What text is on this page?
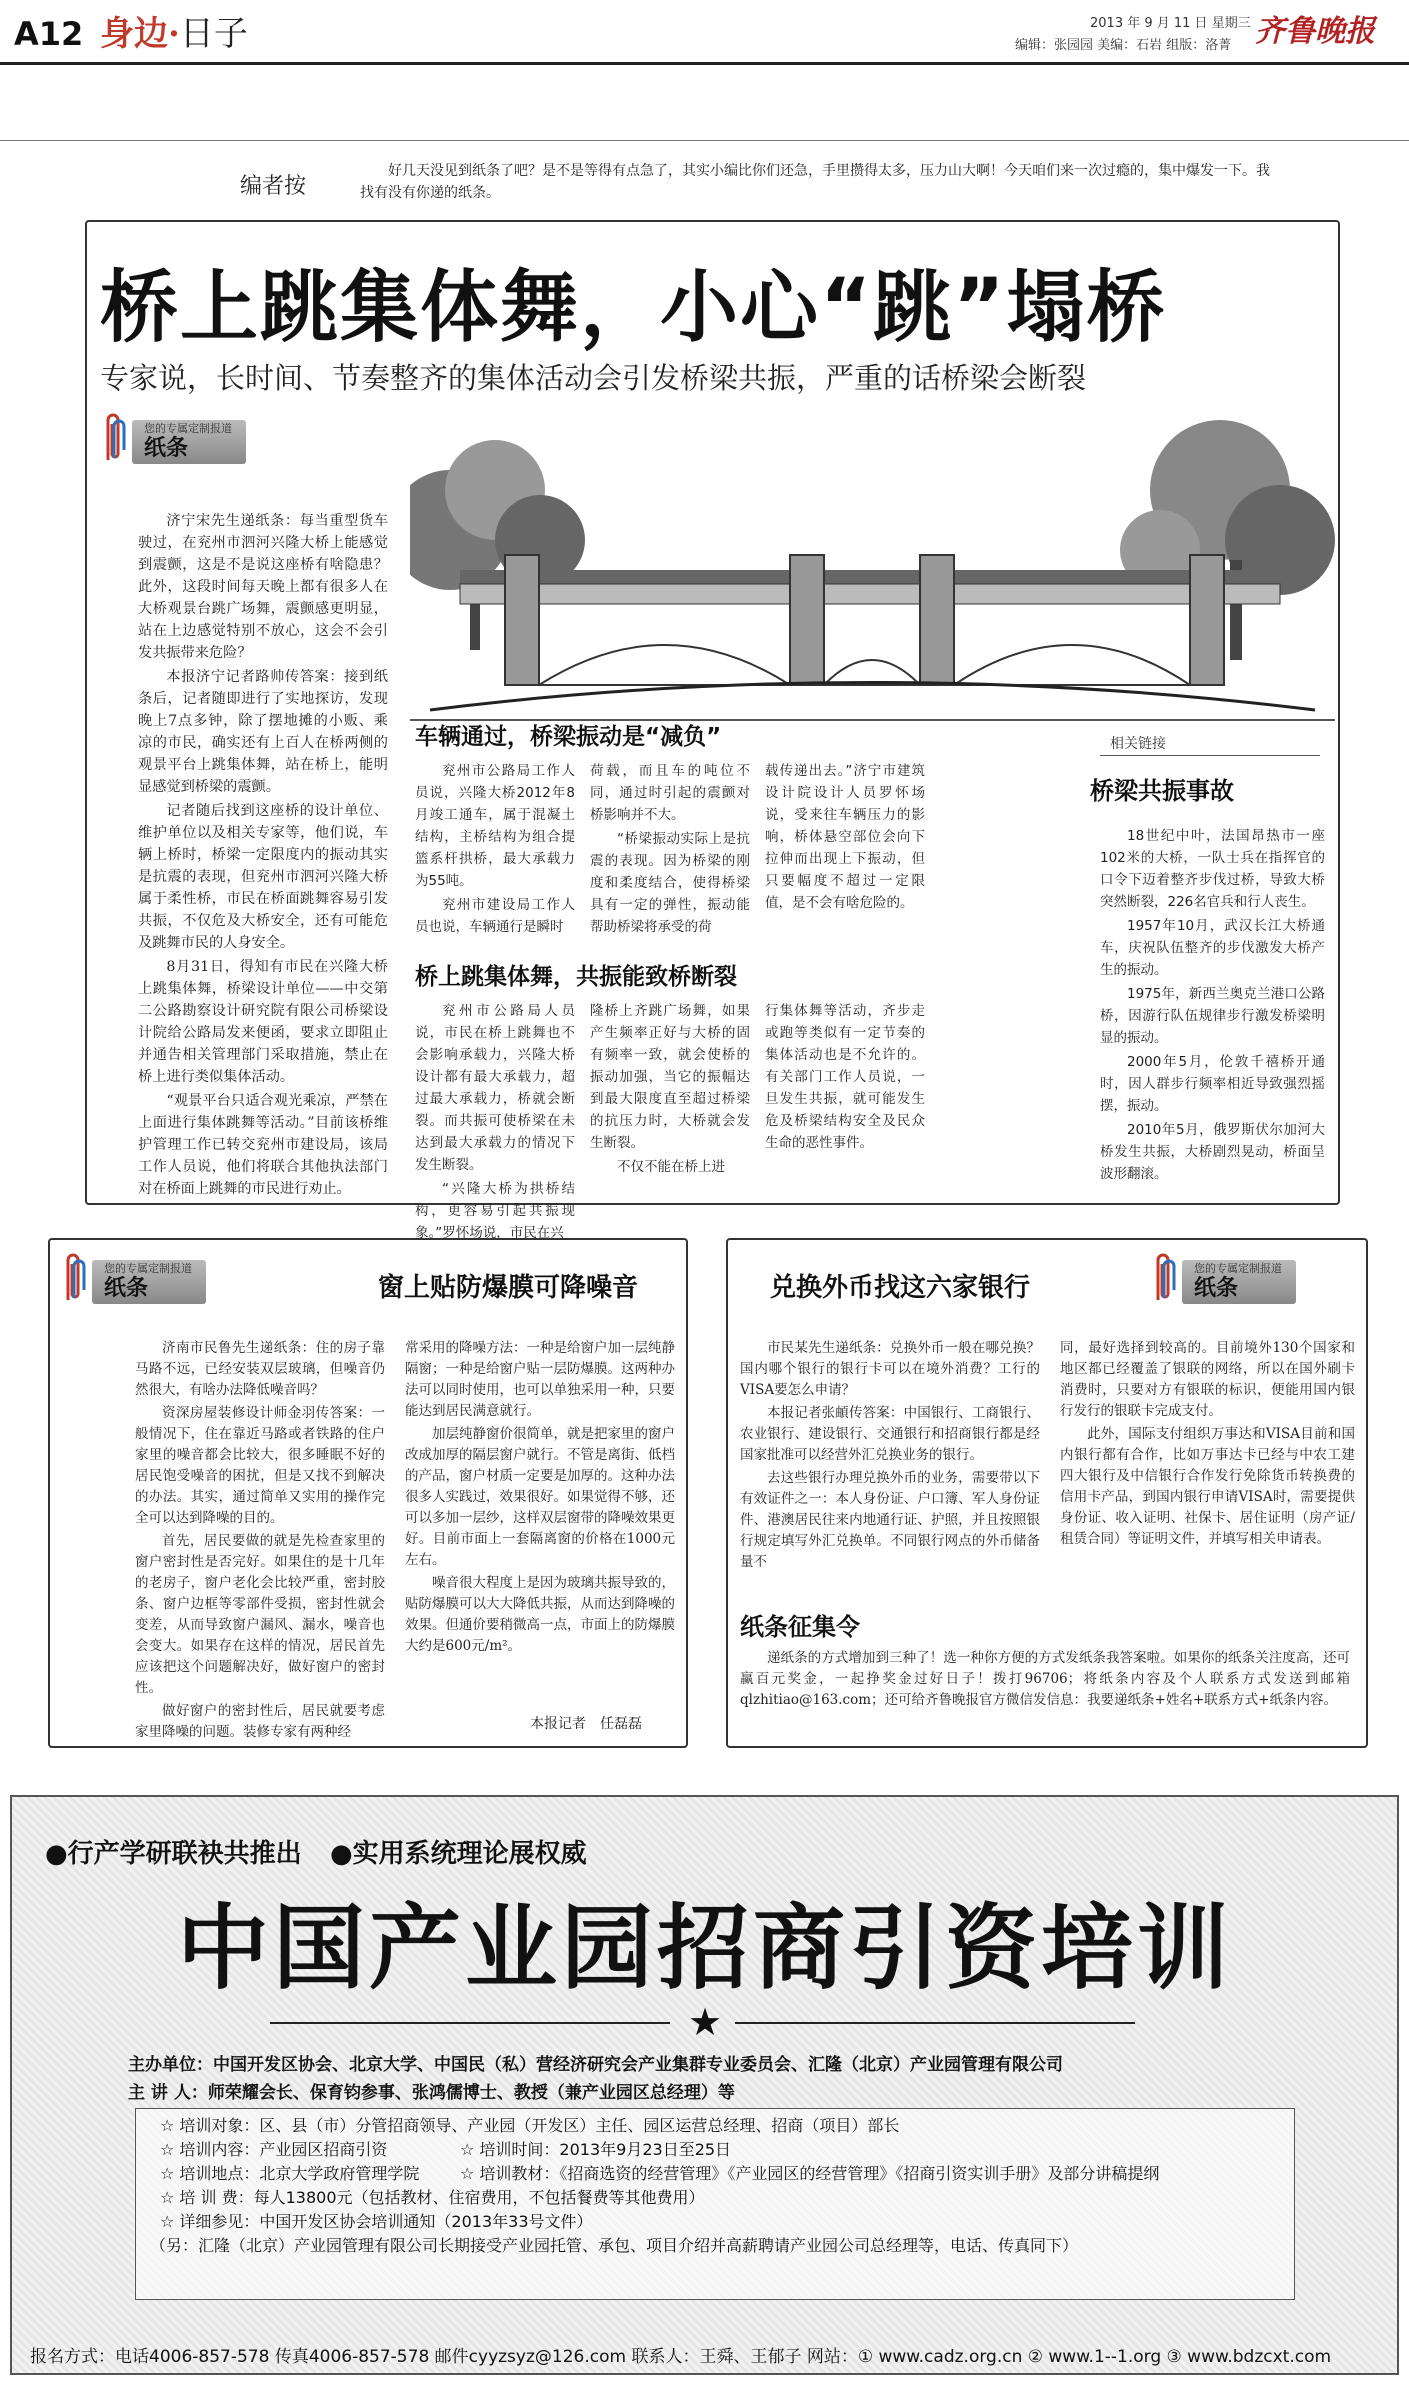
A12 身边·日子	2013 年 9 月 11 日 星期三
编辑：张园园 美编：石岩 组版：洛菁 齐鲁晚报
编者按
好几天没见到纸条了吧？是不是等得有点急了，其实小编比你们还急，手里攒得太多，压力山大啊！今天咱们来一次过瘾的，集中爆发一下。我找有没有你递的纸条。
桥上跳集体舞，小心“跳”塌桥
专家说，长时间、节奏整齐的集体活动会引发桥梁共振，严重的话桥梁会断裂
您的专属定制报道
纸条

济宁宋先生递纸条：每当重型货车驶过，在兖州市泗河兴隆大桥上能感觉到震颤，这是不是说这座桥有啥隐患？此外，这段时间每天晚上都有很多人在大桥观景台跳广场舞，震颤感更明显，站在上边感觉特别不放心，这会不会引发共振带来危险？

本报济宁记者路帅传答案：接到纸条后，记者随即进行了实地探访，发现晚上7点多钟，除了摆地摊的小贩、乘凉的市民，确实还有上百人在桥两侧的观景平台上跳集体舞，站在桥上，能明显感觉到桥梁的震颤。

记者随后找到这座桥的设计单位、维护单位以及相关专家等，他们说，车辆上桥时，桥梁一定限度内的振动其实是抗震的表现，但兖州市泗河兴隆大桥属于柔性桥，市民在桥面跳舞容易引发共振，不仅危及大桥安全，还有可能危及跳舞市民的人身安全。

8月31日，得知有市民在兴隆大桥上跳集体舞，桥梁设计单位——中交第二公路勘察设计研究院有限公司桥梁设计院给公路局发来便函，要求立即阻止并通告相关管理部门采取措施，禁止在桥上进行类似集体活动。

“观景平台只适合观光乘凉，严禁在上面进行集体跳舞等活动。”目前该桥维护管理工作已转交兖州市建设局，该局工作人员说，他们将联合其他执法部门对在桥面上跳舞的市民进行劝止。

车辆通过，桥梁振动是“减负”

兖州市公路局工作人员说，兴隆大桥2012年8月竣工通车，属于混凝土结构，主桥结构为组合提篮系杆拱桥，最大承载力为55吨。

兖州市建设局工作人员也说，车辆通行是瞬时

荷载，而且车的吨位不同，通过时引起的震颤对桥影响并不大。

“桥梁振动实际上是抗震的表现。因为桥梁的刚度和柔度结合，使得桥梁具有一定的弹性，振动能帮助桥梁将承受的荷

载传递出去。”济宁市建筑设计院设计人员罗怀场说，受来往车辆压力的影响，桥体悬空部位会向下拉伸而出现上下振动，但只要幅度不超过一定限值，是不会有啥危险的。

桥上跳集体舞，共振能致桥断裂

兖州市公路局人员说，市民在桥上跳舞也不会影响承载力，兴隆大桥设计都有最大承载力，超过最大承载力，桥就会断裂。而共振可使桥梁在未达到最大承载力的情况下发生断裂。

“兴隆大桥为拱桥结构，更容易引起共振现象。”罗怀场说，市民在兴

隆桥上齐跳广场舞，如果产生频率正好与大桥的固有频率一致，就会使桥的振动加强，当它的振幅达到最大限度直至超过桥梁的抗压力时，大桥就会发生断裂。

不仅不能在桥上进

行集体舞等活动，齐步走或跑等类似有一定节奏的集体活动也是不允许的。有关部门工作人员说，一旦发生共振，就可能发生危及桥梁结构安全及民众生命的恶性事件。

相关链接
桥梁共振事故

18世纪中叶，法国昂热市一座102米的大桥，一队士兵在指挥官的口令下迈着整齐步伐过桥，导致大桥突然断裂，226名官兵和行人丧生。

1957年10月，武汉长江大桥通车，庆祝队伍整齐的步伐激发大桥产生的振动。

1975年，新西兰奥克兰港口公路桥，因游行队伍规律步行激发桥梁明显的振动。

2000年5月，伦敦千禧桥开通时，因人群步行频率相近导致强烈摇摆，振动。

2010年5月，俄罗斯伏尔加河大桥发生共振，大桥剧烈晃动，桥面呈波形翻滚。

您的专属定制报道
纸条	窗上贴防爆膜可降噪音

济南市民鲁先生递纸条：住的房子靠马路不远，已经安装双层玻璃，但噪音仍然很大，有啥办法降低噪音吗？

资深房屋装修设计师金羽传答案：一般情况下，住在靠近马路或者铁路的住户家里的噪音都会比较大，很多睡眠不好的居民饱受噪音的困扰，但是又找不到解决的办法。其实，通过简单又实用的操作完全可以达到降噪的目的。

首先，居民要做的就是先检查家里的窗户密封性是否完好。如果住的是十几年的老房子，窗户老化会比较严重，密封胶条、窗户边框等零部件受损，密封性就会变差，从而导致窗户漏风、漏水，噪音也会变大。如果存在这样的情况，居民首先应该把这个问题解决好，做好窗户的密封性。

做好窗户的密封性后，居民就要考虑家里降噪的问题。装修专家有两种经

常采用的降噪方法：一种是给窗户加一层纯静隔窗；一种是给窗户贴一层防爆膜。这两种办法可以同时使用，也可以单独采用一种，只要能达到居民满意就行。

加层纯静窗价很简单，就是把家里的窗户改成加厚的隔层窗户就行。不管是离街、低档的产品，窗户材质一定要是加厚的。这种办法很多人实践过，效果很好。如果觉得不够，还可以多加一层纱，这样双层窗带的降噪效果更好。目前市面上一套隔离窗的价格在1000元左右。

噪音很大程度上是因为玻璃共振导致的，贴防爆膜可以大大降低共振，从而达到降噪的效果。但通价要稍微高一点，市面上的防爆膜大约是600元/m²。

本报记者　任磊磊
兑换外币找这六家银行
您的专属定制报道
纸条

市民某先生递纸条：兑换外币一般在哪兑换？国内哪个银行的银行卡可以在境外消费？工行的VISA要怎么申请？

本报记者张頔传答案：中国银行、工商银行、农业银行、建设银行、交通银行和招商银行都是经国家批准可以经营外汇兑换业务的银行。

去这些银行办理兑换外币的业务，需要带以下有效证件之一：本人身份证、户口簿、军人身份证件、港澳居民往来内地通行证、护照，并且按照银行规定填写外汇兑换单。不同银行网点的外币储备量不

同，最好选择到较高的。目前境外130个国家和地区都已经覆盖了银联的网络，所以在国外刷卡消费时，只要对方有银联的标识，便能用国内银行发行的银联卡完成支付。

此外，国际支付组织万事达和VISA目前和国内银行都有合作，比如万事达卡已经与中农工建四大银行及中信银行合作发行免除货币转换费的信用卡产品，到国内银行申请VISA时，需要提供身份证、收入证明、社保卡、居住证明（房产证/租赁合同）等证明文件，并填写相关申请表。

纸条征集令

递纸条的方式增加到三种了！选一种你方便的方式发纸条我答案啦。如果你的纸条关注度高，还可赢百元奖金，一起挣奖金过好日子！拨打96706；将纸条内容及个人联系方式发送到邮箱qlzhitiao@163.com；还可给齐鲁晚报官方微信发信息：我要递纸条+姓名+联系方式+纸条内容。

●行产学研联袂共推出 ●实用系统理论展权威
中国产业园招商引资培训
★
主办单位：中国开发区协会、北京大学、中国民（私）营经济研究会产业集群专业委员会、汇隆（北京）产业园管理有限公司
主 讲 人：师荣耀会长、保育钧参事、张鸿儒博士、教授（兼产业园区总经理）等
☆ 培训对象：区、县（市）分管招商领导、产业园（开发区）主任、园区运营总经理、招商（项目）部长
☆ 培训内容：产业园区招商引资	☆ 培训时间：2013年9月23日至25日
☆ 培训地点：北京大学政府管理学院	☆ 培训教材：《招商选资的经营管理》《产业园区的经营管理》《招商引资实训手册》及部分讲稿提纲
☆ 培 训 费：每人13800元（包括教材、住宿费用，不包括餐费等其他费用）
☆ 详细参见：中国开发区协会培训通知（2013年33号文件）
（另：汇隆（北京）产业园管理有限公司长期接受产业园托管、承包、项目介绍并高薪聘请产业园公司总经理等，电话、传真同下）
报名方式：电话4006-857-578 传真4006-857-578 邮件cyyzsyz@126.com 联系人：王舜、王郁子 网站：① www.cadz.org.cn ② www.1--1.org ③ www.bdzcxt.com
